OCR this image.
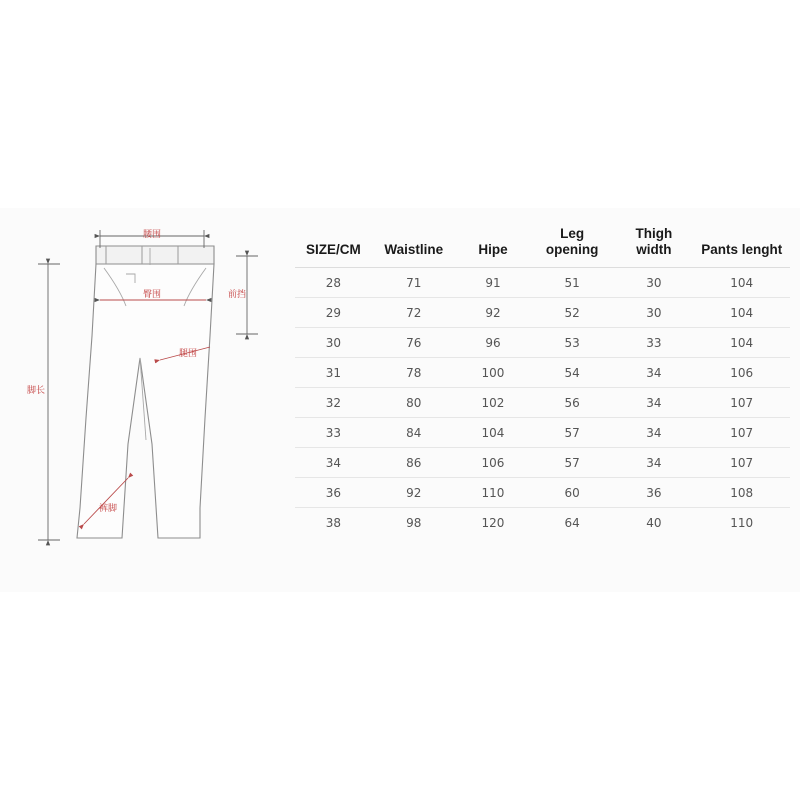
腰围
臀围	前挡
腿围
脚长
裤脚
SIZE/CM	Waistline	Hipe	Leg opening	Thigh width	Pants lenght
28	71	91	51	30	104
29	72	92	52	30	104
30	76	96	53	33	104
31	78	100	54	34	106
32	80	102	56	34	107
33	84	104	57	34	107
34	86	106	57	34	107
36	92	110	60	36	108
38	98	120	64	40	110
